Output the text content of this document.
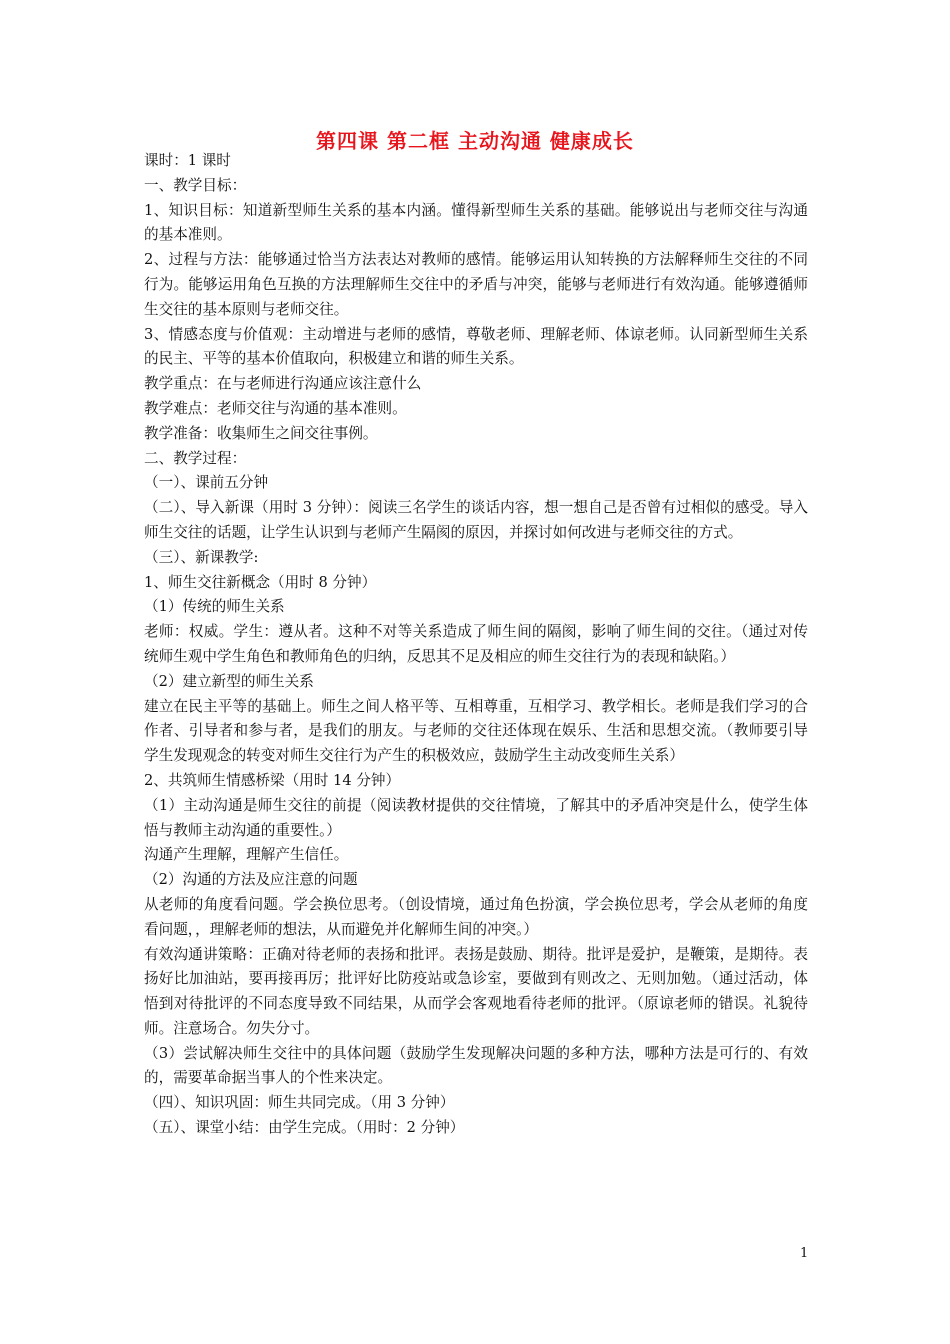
第四课 第二框 主动沟通 健康成长

课时：1 课时

一、教学目标：

1、知识目标：知道新型师生关系的基本内涵。懂得新型师生关系的基础。能够说出与老师交往与沟通的基本准则。

2、过程与方法：能够通过恰当方法表达对教师的感情。能够运用认知转换的方法解释师生交往的不同行为。能够运用角色互换的方法理解师生交往中的矛盾与冲突，能够与老师进行有效沟通。能够遵循师生交往的基本原则与老师交往。

3、情感态度与价值观：主动增进与老师的感情，尊敬老师、理解老师、体谅老师。认同新型师生关系的民主、平等的基本价值取向，积极建立和谐的师生关系。

教学重点：在与老师进行沟通应该注意什么

教学难点：老师交往与沟通的基本准则。

教学准备：收集师生之间交往事例。

二、教学过程：

（一）、课前五分钟

（二）、导入新课（用时 3 分钟）：阅读三名学生的谈话内容，想一想自己是否曾有过相似的感受。导入师生交往的话题，让学生认识到与老师产生隔阂的原因，并探讨如何改进与老师交往的方式。

（三）、新课教学:

1、师生交往新概念（用时 8 分钟）

（1）传统的师生关系

老师：权威。学生：遵从者。这种不对等关系造成了师生间的隔阂，影响了师生间的交往。（通过对传统师生观中学生角色和教师角色的归纳，反思其不足及相应的师生交往行为的表现和缺陷。）

（2）建立新型的师生关系

建立在民主平等的基础上。师生之间人格平等、互相尊重，互相学习、教学相长。老师是我们学习的合作者、引导者和参与者，是我们的朋友。与老师的交往还体现在娱乐、生活和思想交流。（教师要引导学生发现观念的转变对师生交往行为产生的积极效应，鼓励学生主动改变师生关系）

2、共筑师生情感桥梁（用时 14 分钟）

（1）主动沟通是师生交往的前提（阅读教材提供的交往情境，了解其中的矛盾冲突是什么，使学生体悟与教师主动沟通的重要性。）

沟通产生理解，理解产生信任。

（2）沟通的方法及应注意的问题

从老师的角度看问题。学会换位思考。（创设情境，通过角色扮演，学会换位思考，学会从老师的角度看问题，，理解老师的想法，从而避免并化解师生间的冲突。）

有效沟通讲策略：正确对待老师的表扬和批评。表扬是鼓励、期待。批评是爱护，是鞭策，是期待。表扬好比加油站，要再接再厉；批评好比防疫站或急诊室，要做到有则改之、无则加勉。（通过活动，体悟到对待批评的不同态度导致不同结果，从而学会客观地看待老师的批评。（原谅老师的错误。礼貌待师。注意场合。勿失分寸。

（3）尝试解决师生交往中的具体问题（鼓励学生发现解决问题的多种方法，哪种方法是可行的、有效的，需要革命据当事人的个性来决定。

（四）、知识巩固：师生共同完成。（用 3 分钟）

（五）、课堂小结：由学生完成。（用时：2 分钟）

1
